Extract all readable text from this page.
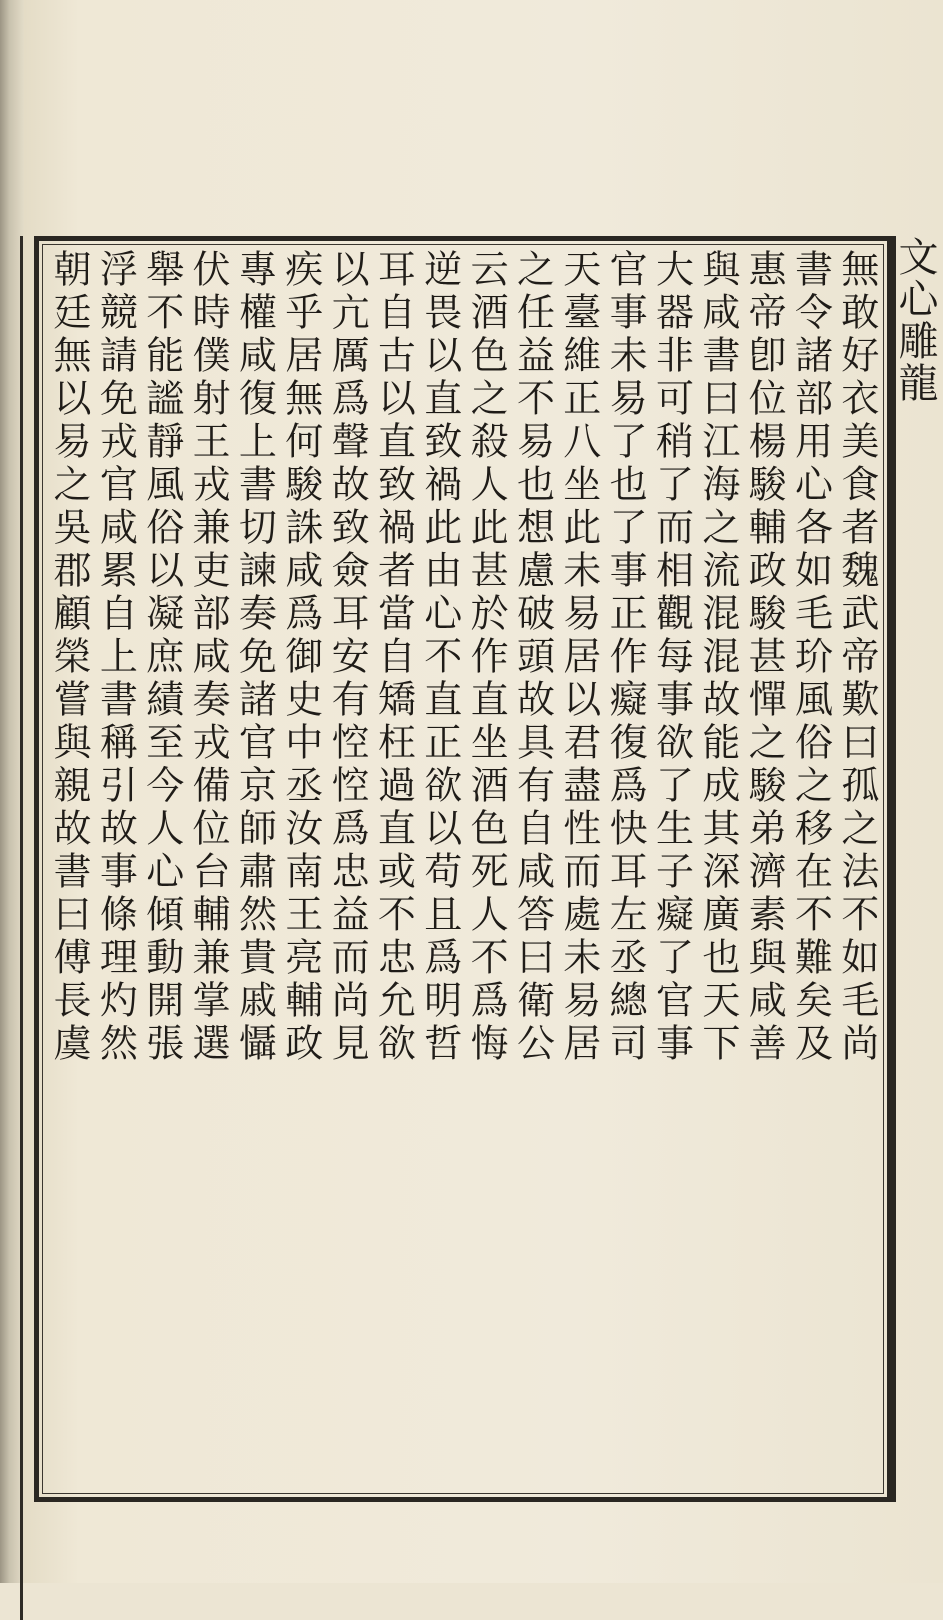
無敢好衣美食者魏武帝歎曰孤之法不如毛尚
書令諸部用心各如毛玠風俗之移在不難矣及
惠帝卽位楊駿輔政駿甚憚之駿弟濟素與咸善
與咸書曰江海之流混混故能成其深廣也天下
大器非可稍了而相觀每事欲了生子癡了官事
官事未易了也了事正作癡復爲快耳左丞總司
天臺維正八坐此未易居以君盡性而處未易居
之任益不易也想慮破頭故具有自咸答曰衛公
云酒色之殺人此甚於作直坐酒色死人不爲悔
逆畏以直致禍此由心不直正欲以苟且爲明哲
耳自古以直致禍者當自矯枉過直或不忠允欲
以亢厲爲聲故致僉耳安有悾悾爲忠益而尚見
疾乎居無何駿誅咸爲御史中丞汝南王亮輔政
專權咸復上書切諫奏免諸官京師肅然貴戚懾
伏時僕射王戎兼吏部咸奏戎備位台輔兼掌選
舉不能謐靜風俗以凝庶績至今人心傾動開張
浮競請免戎官咸累自上書稱引故事條理灼然
朝廷無以易之吳郡顧榮嘗與親故書曰傅長虞	文心雕龍
